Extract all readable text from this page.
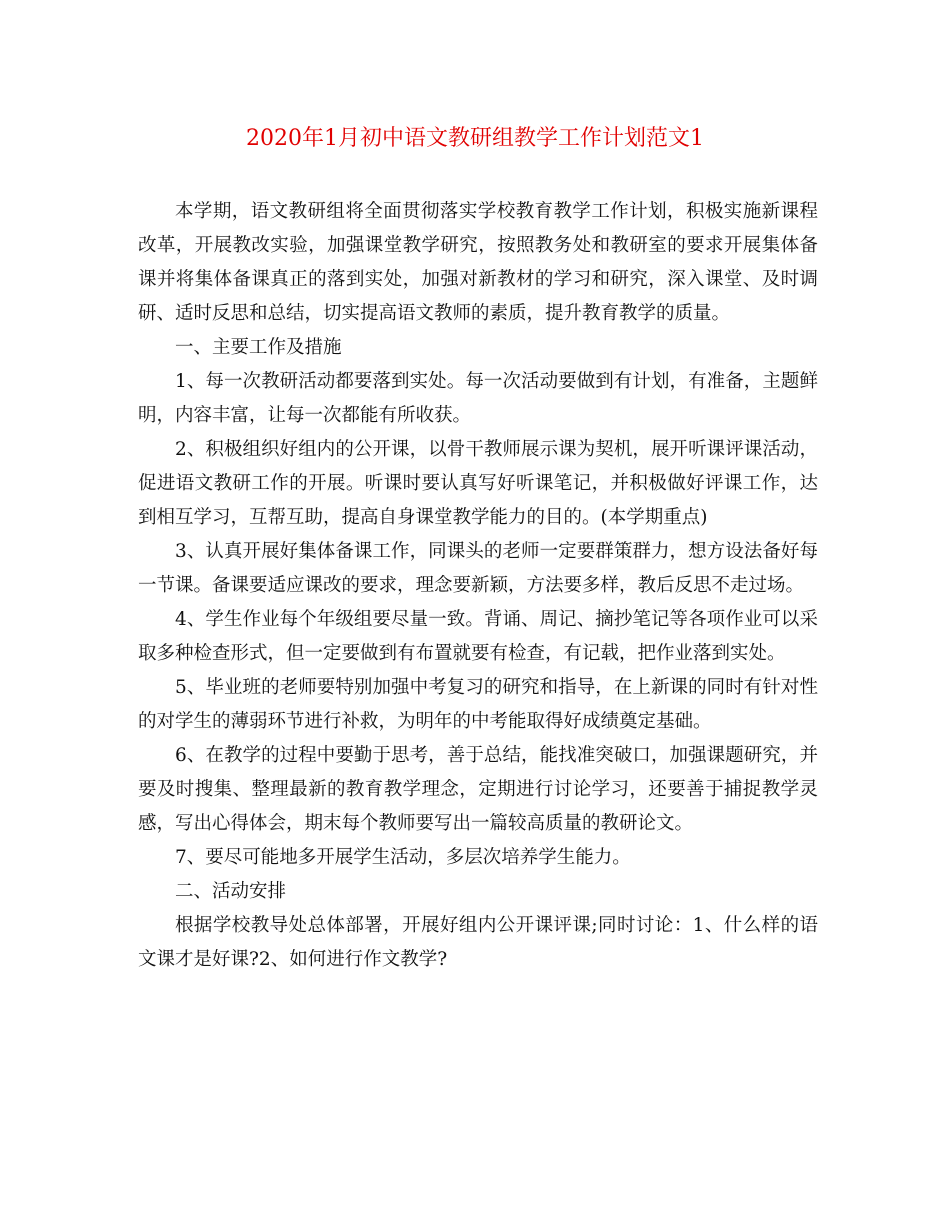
2020年1月初中语文教研组教学工作计划范文1

本学期，语文教研组将全面贯彻落实学校教育教学工作计划，积极实施新课程改革，开展教改实验，加强课堂教学研究，按照教务处和教研室的要求开展集体备课并将集体备课真正的落到实处，加强对新教材的学习和研究，深入课堂、及时调研、适时反思和总结，切实提高语文教师的素质，提升教育教学的质量。

一、主要工作及措施

1、每一次教研活动都要落到实处。每一次活动要做到有计划，有准备，主题鲜明，内容丰富，让每一次都能有所收获。

2、积极组织好组内的公开课，以骨干教师展示课为契机，展开听课评课活动，促进语文教研工作的开展。听课时要认真写好听课笔记，并积极做好评课工作，达到相互学习，互帮互助，提高自身课堂教学能力的目的。(本学期重点)

3、认真开展好集体备课工作，同课头的老师一定要群策群力，想方设法备好每一节课。备课要适应课改的要求，理念要新颖，方法要多样，教后反思不走过场。

4、学生作业每个年级组要尽量一致。背诵、周记、摘抄笔记等各项作业可以采取多种检查形式，但一定要做到有布置就要有检查，有记载，把作业落到实处。

5、毕业班的老师要特别加强中考复习的研究和指导，在上新课的同时有针对性的对学生的薄弱环节进行补救，为明年的中考能取得好成绩奠定基础。

6、在教学的过程中要勤于思考，善于总结，能找准突破口，加强课题研究，并要及时搜集、整理最新的教育教学理念，定期进行讨论学习，还要善于捕捉教学灵感，写出心得体会，期末每个教师要写出一篇较高质量的教研论文。

7、要尽可能地多开展学生活动，多层次培养学生能力。

二、活动安排

根据学校教导处总体部署，开展好组内公开课评课;同时讨论：1、什么样的语文课才是好课?2、如何进行作文教学?
